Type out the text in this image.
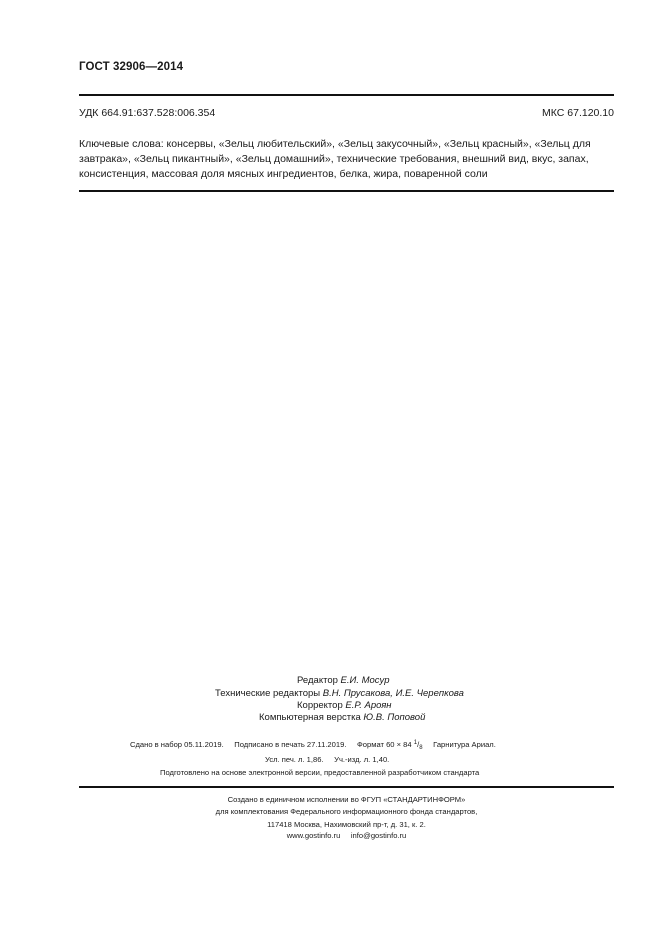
ГОСТ 32906—2014
УДК 664.91:637.528:006.354	МКС 67.120.10
Ключевые слова: консервы, «Зельц любительский», «Зельц закусочный», «Зельц красный», «Зельц для
завтрака», «Зельц пикантный», «Зельц домашний», технические требования, внешний вид, вкус, запах,
консистенция, массовая доля мясных ингредиентов, белка, жира, поваренной соли
Редактор Е.И. Мосур
Технические редакторы В.Н. Прусакова, И.Е. Черепкова
Корректор Е.Р. Ароян
Компьютерная верстка Ю.В. Поповой
Сдано в набор 05.11.2019. Подписано в печать 27.11.2019. Формат 60 × 84 $^1/_8$ Гарнитура Ариал.
Усл. печ. л. 1,86. Уч.-изд. л. 1,40.
Подготовлено на основе электронной версии, предоставленной разработчиком стандарта
Создано в единичном исполнении во ФГУП «СТАНДАРТИНФОРМ»
для комплектования Федерального информационного фонда стандартов,
117418 Москва, Нахимовский пр-т, д. 31, к. 2.
www.gostinfo.ru info@gostinfo.ru
